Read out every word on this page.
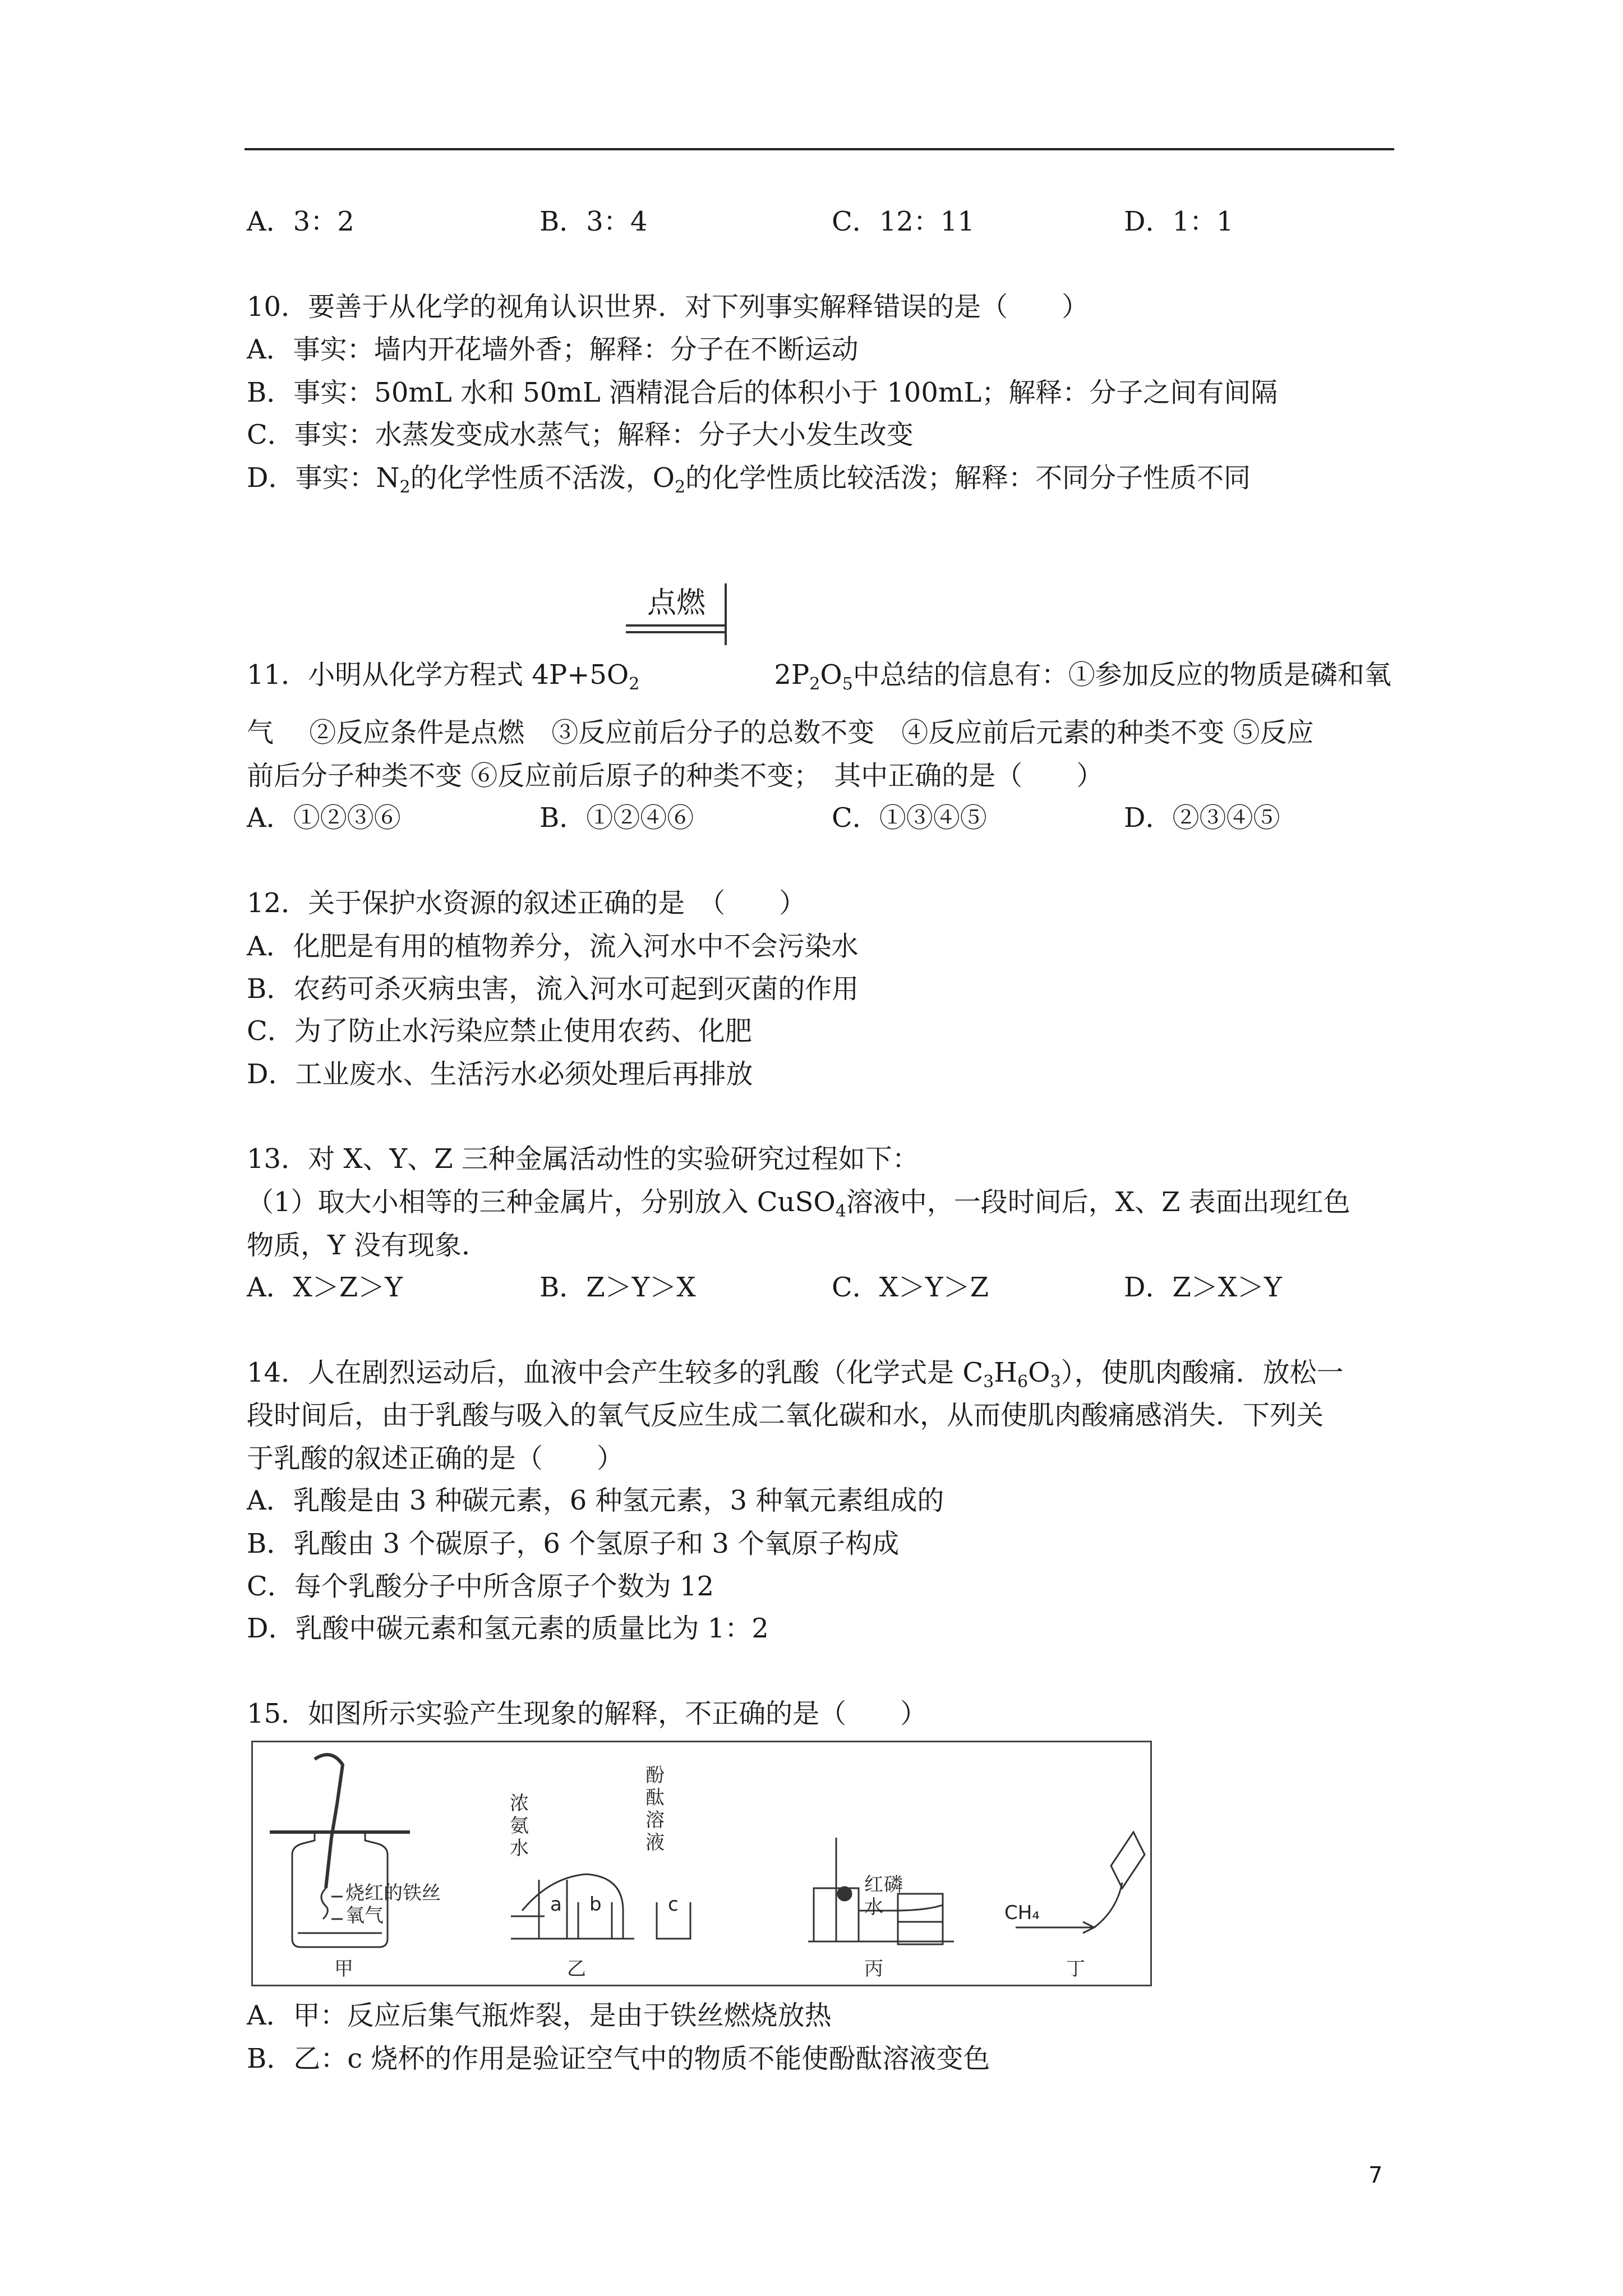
A．3：2	B．3：4	C．12：11	D．1：1
10．要善于从化学的视角认识世界．对下列事实解释错误的是（　　）
A．事实：墙内开花墙外香；解释：分子在不断运动
B．事实：50mL 水和 50mL 酒精混合后的体积小于 100mL；解释：分子之间有间隔
C．事实：水蒸发变成水蒸气；解释：分子大小发生改变
D．事实：$N_2$的化学性质不活泼，$O_2$的化学性质比较活泼；解释：不同分子性质不同
点燃
11．小明从化学方程式 $4P+5O_2$	$2P_2O_5$中总结的信息有：①参加反应的物质是磷和氧
气　 ②反应条件是点燃　③反应前后分子的总数不变　④反应前后元素的种类不变 ⑤反应
前后分子种类不变 ⑥反应前后原子的种类不变；　其中正确的是（　　）
A．①②③⑥	B．①②④⑥	C．①③④⑤	D．②③④⑤
12．关于保护水资源的叙述正确的是　（　　）
A．化肥是有用的植物养分，流入河水中不会污染水
B．农药可杀灭病虫害，流入河水可起到灭菌的作用
C．为了防止水污染应禁止使用农药、化肥
D．工业废水、生活污水必须处理后再排放
13．对 X、Y、Z 三种金属活动性的实验研究过程如下：
（1）取大小相等的三种金属片，分别放入 CuSO$_4$溶液中，一段时间后，X、Z 表面出现红色
物质，Y 没有现象．
A．X＞Z＞Y	B．Z＞Y＞X	C．X＞Y＞Z	D．Z＞X＞Y
14．人在剧烈运动后，血液中会产生较多的乳酸（化学式是 $C_3H_6O_3$），使肌肉酸痛．放松一
段时间后，由于乳酸与吸入的氧气反应生成二氧化碳和水，从而使肌肉酸痛感消失．下列关
于乳酸的叙述正确的是（　　）
A．乳酸是由 3 种碳元素，6 种氢元素，3 种氧元素组成的
B．乳酸由 3 个碳原子，6 个氢原子和 3 个氧原子构成
C．每个乳酸分子中所含原子个数为 12
D．乳酸中碳元素和氢元素的质量比为 1：2
15．如图所示实验产生现象的解释，不正确的是（　　）
甲	乙	丙	丁
烧红的铁丝
氧气
浓
氨
水
酚
酞
溶
液
a b	c
红 磷
水	CH₄
A．甲：反应后集气瓶炸裂，是由于铁丝燃烧放热
B．乙：c 烧杯的作用是验证空气中的物质不能使酚酞溶液变色
7
